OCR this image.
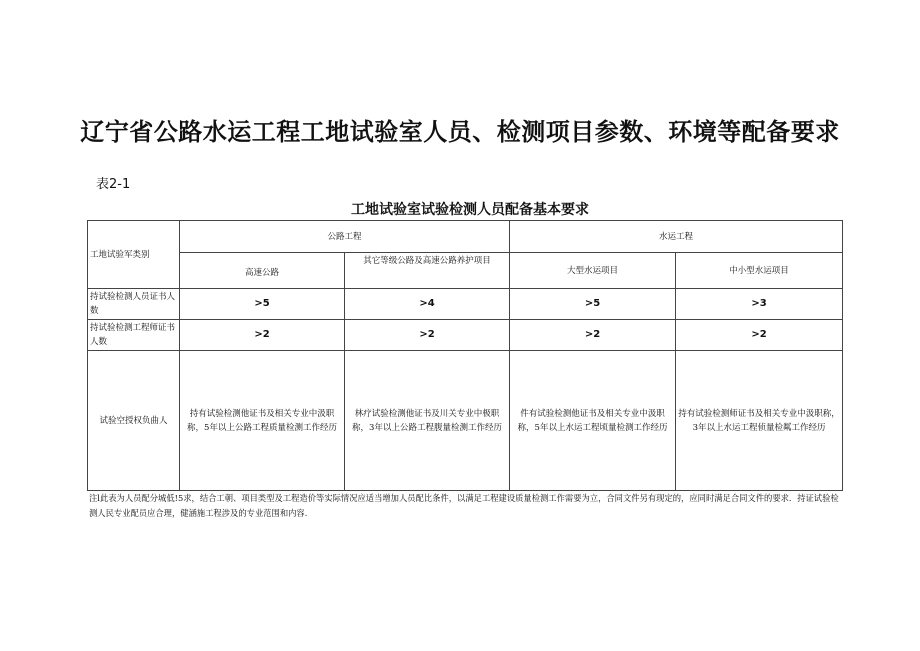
辽宁省公路水运工程工地试验室人员、检测项目参数、环境等配备要求
表2-1
工地试验室试验检测人员配备基本要求
工地试验军类别	公路工程		水运工程	
	高速公路	其它等级公路及高速公路养护项目	大型水运项目	中小型水运项目
持试验检测人员证书人数	>5	>4	>5	>3
持试验检测工程师证书人数	>2	>2	>2	>2
试验空授权负曲人	持有试验检测他证书及相关专业中汲职称，5年以上公路工程质量检测工作经历	林疗试验检测他证书及川关专业中极职称，3年以上公路工程腹量检测工作经历	件有试验检测他证书及相关专业中汲职称，5年以上水运工程顷量检测工作经历	持有试验检测师证书及相关专业中汲职称，3年以上水运工程侦量检粼工作经历
注l此表为人员配分城低!5求，结合工朝、项目类型及工程造价等实际情况应适当增加人员配比条件，以满足工程建设质量检测工作需要为立，合同文件另有现定的，应同时满足合同文件的要求．持证试验检测人民专业配员应合理，健涵施工程涉及的专业范围和内容.
